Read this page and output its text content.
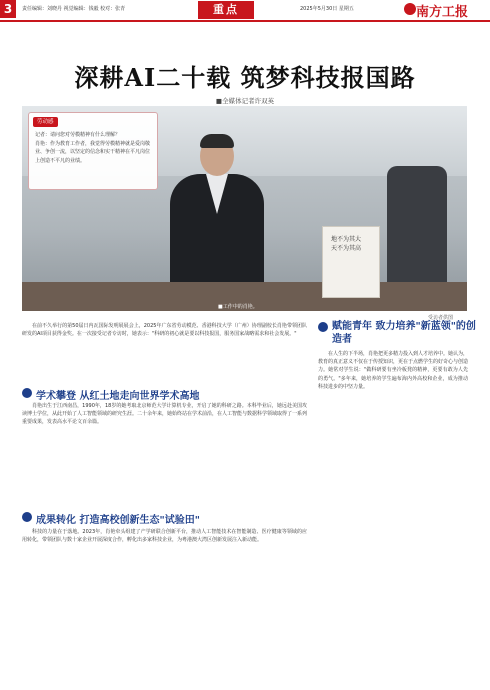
3	责任编辑：刘晓丹 视觉编辑：钱毅 校对：张青	重点	2025年5月30日 星期五	南方工报
深耕AI二十载 筑梦科技报国路
■全媒体记者许双英
地不为其大
天不为其高
劳动感
记者：请问您对劳模精神有什么理解？
肖艳：作为教育工作者，我觉得劳模精神就是爱岗敬业、争创一流，以坚定的信念和实干精神在平凡岗位上创造不平凡的业绩。
■工作中的肖艳。
受访者供图

在前不久举行的第50届日内瓦国际发明展展会上，2025年广东省劳动模范、香港科技大学（广州）协理副校长肖艳带领团队研发的AI项目获得金奖。在一次接受记者专访时，她表示："科研的初心就是要以科技报国，服务国家战略需求和社会发展。"

学术攀登 从红土地走向世界学术高地

肖艳出生于江西南昌，1990年，18岁的她考取北京师范大学计算机专业，开启了她的科研之路。本科毕业后，她远赴美国攻读博士学位，从此开始了人工智能领域的研究生涯。二十余年来，她始终站在学术前沿，在人工智能与数据科学领域取得了一系列重要成果，发表高水平论文百余篇。

成果转化 打造高校创新生态"试验田"

科技的力量在于落地。2023年，肖艳牵头组建了产学研联合创新平台，推动人工智能技术在智能制造、医疗健康等领域的应用转化，带领团队与数十家企业开展深度合作，孵化出多家科技企业，为粤港澳大湾区创新发展注入新动能。

赋能青年 致力培养"新蓝领"的创造者

在人生的下半场，肖艳把更多精力投入到人才培养中。她认为，教育的真正意义不仅在于传授知识，更在于点燃学生的好奇心与创造力。她常对学生说："做科研要有坐冷板凳的精神，更要有敢为人先的勇气。"多年来，她培养的学生遍布海内外高校和企业，成为推动科技进步的中坚力量。
